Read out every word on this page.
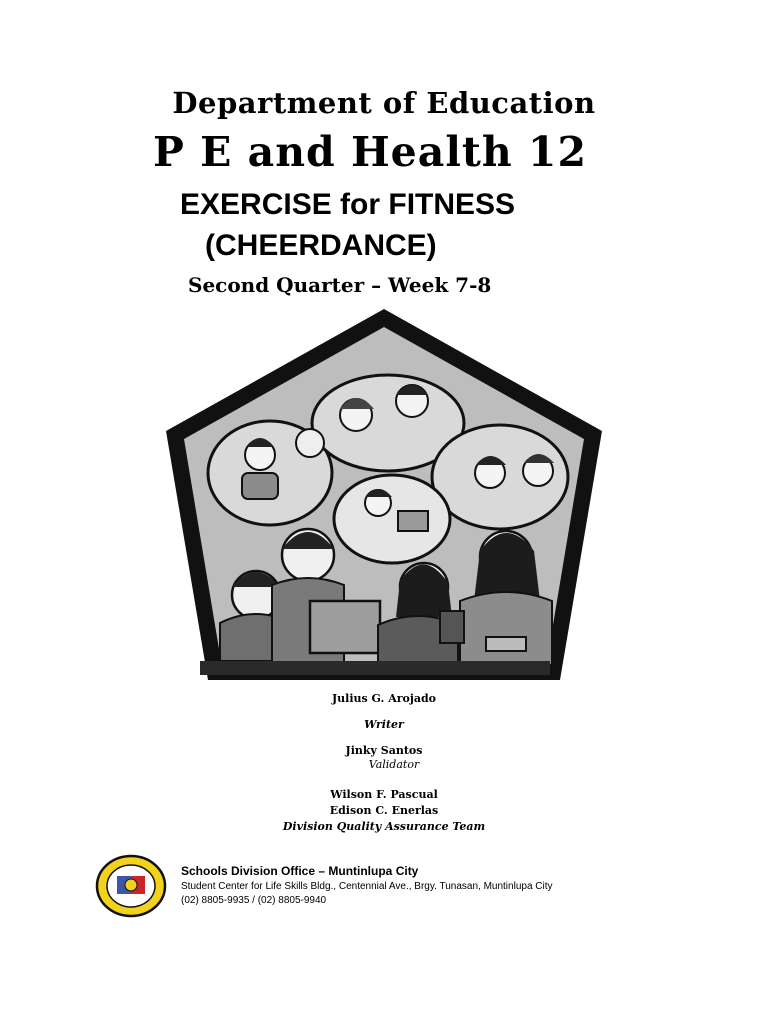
Department of Education
P E and Health 12
EXERCISE for FITNESS
(CHEERDANCE)
Second Quarter – Week 7-8
Julius G. Arojado
Writer
Jinky Santos
Validator
Wilson F. Pascual
Edison C. Enerlas
Division Quality Assurance Team
Schools Division Office – Muntinlupa City
Student Center for Life Skills Bldg., Centennial Ave., Brgy. Tunasan, Muntinlupa City
(02) 8805-9935 / (02) 8805-9940
